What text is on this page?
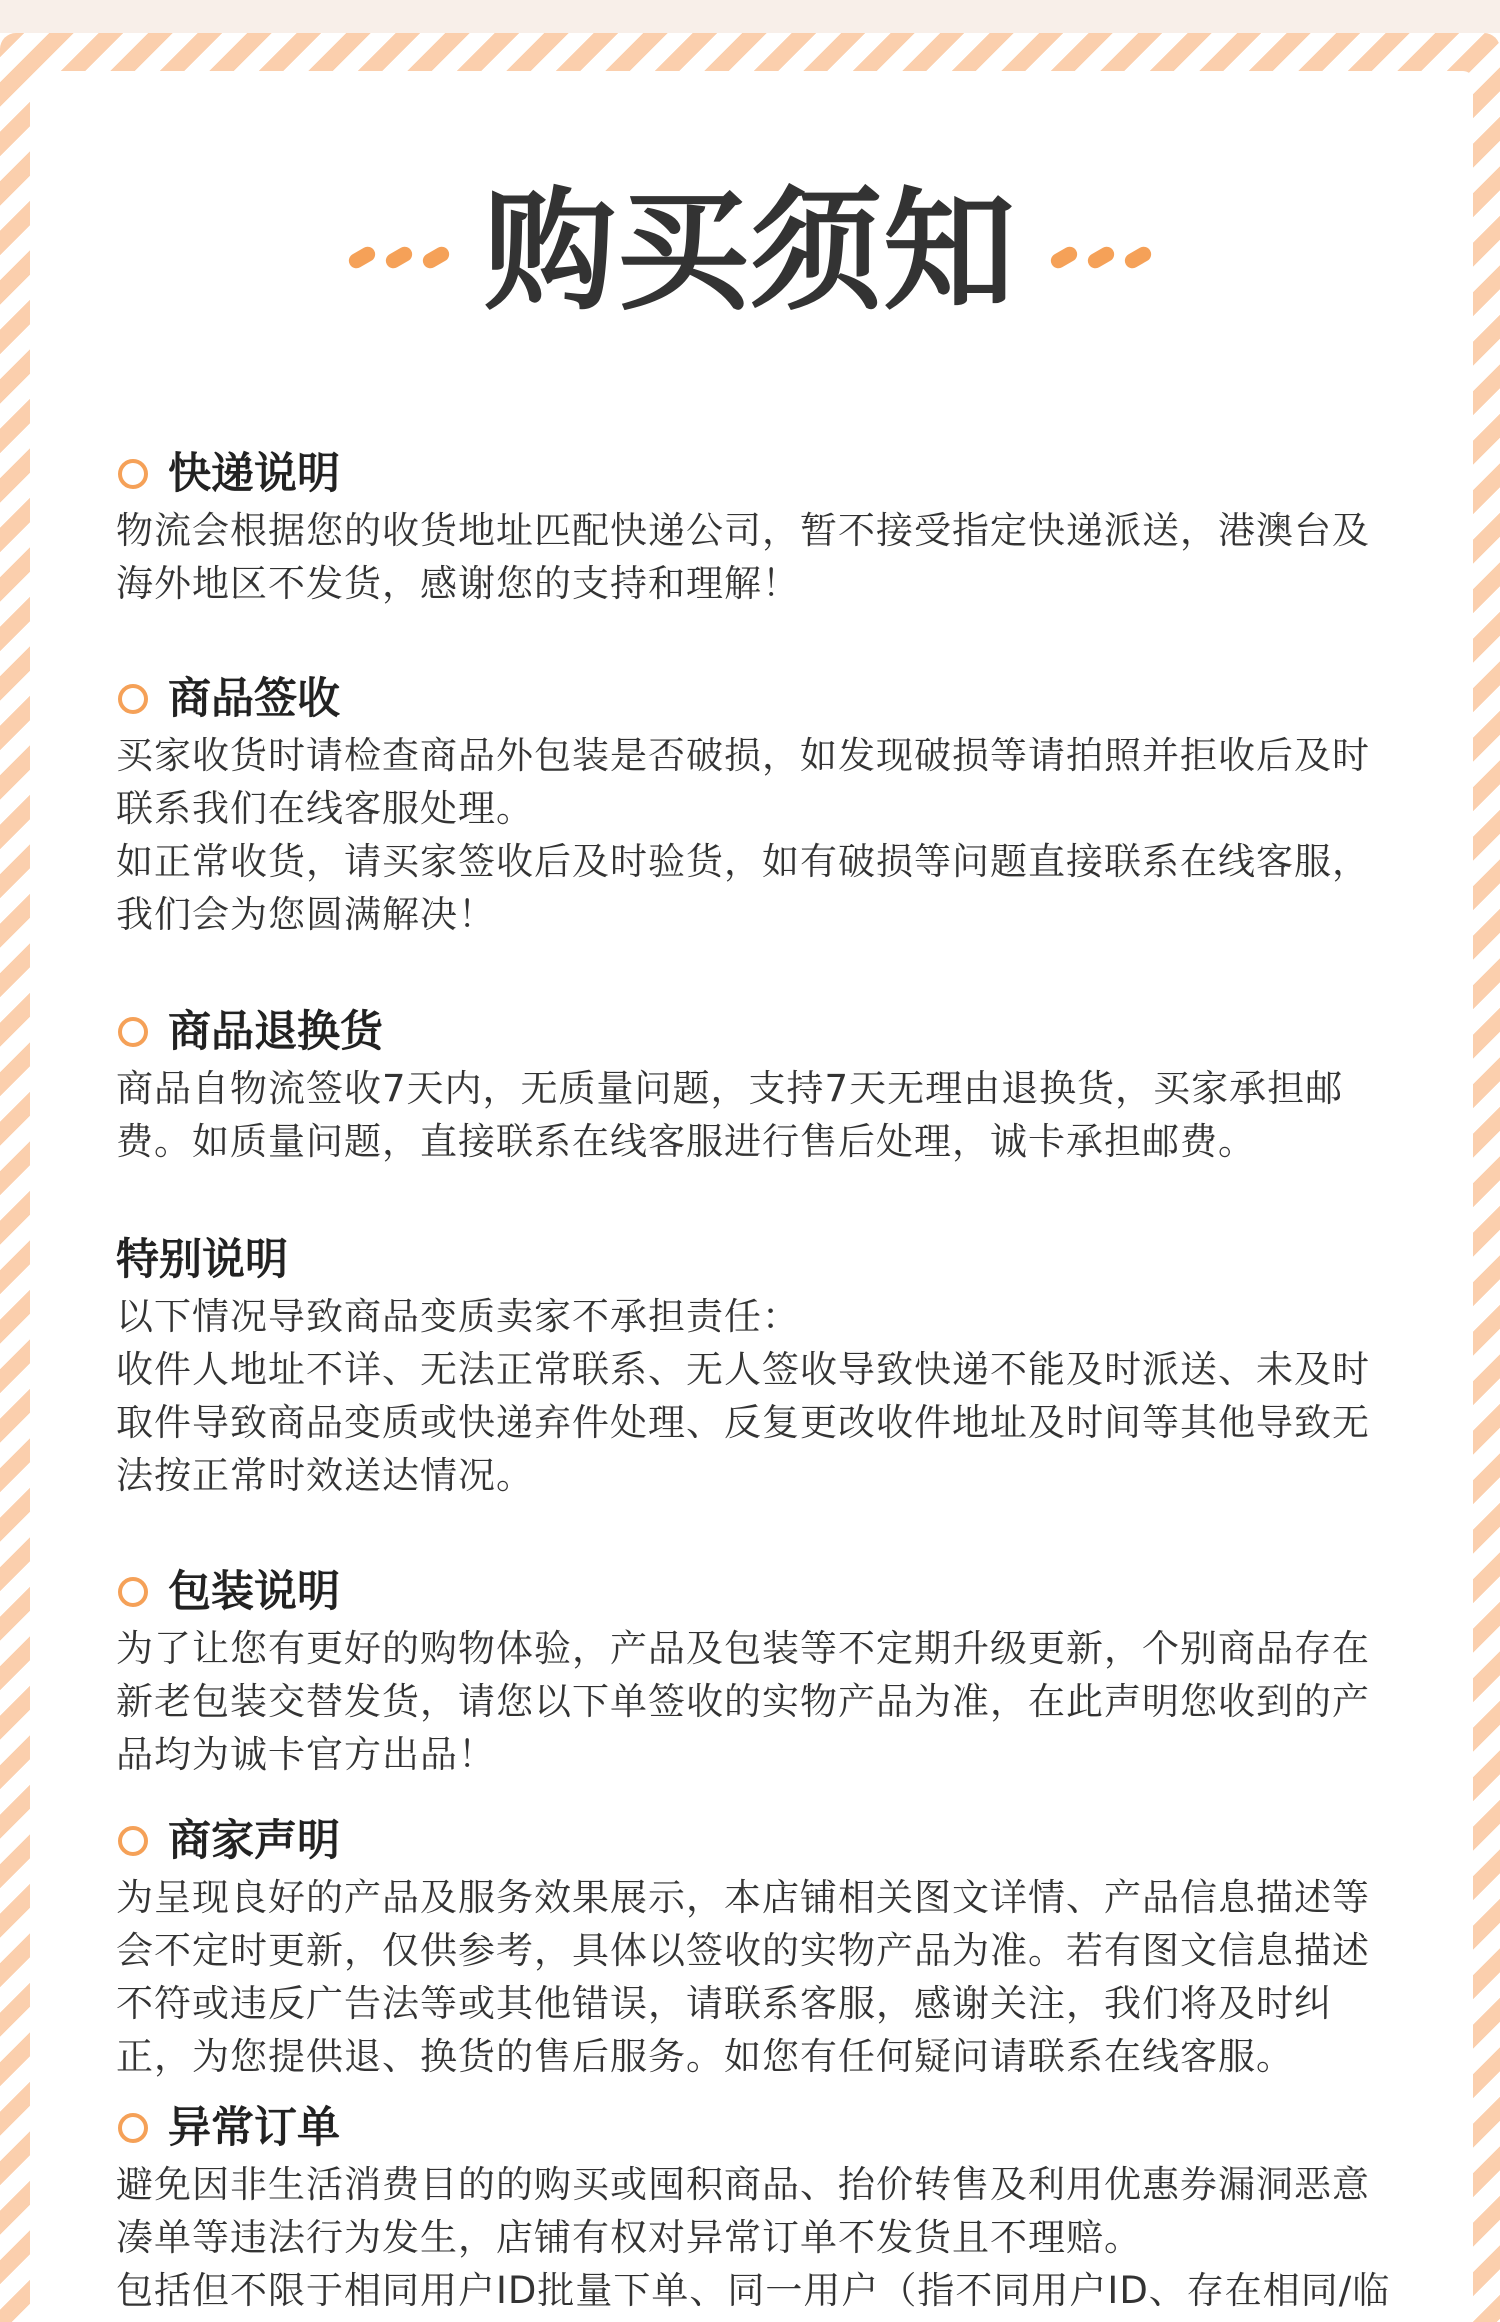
购买须知
快递说明
物流会根据您的收货地址匹配快递公司，暂不接受指定快递派送，港澳台及
海外地区不发货，感谢您的支持和理解！
商品签收
买家收货时请检查商品外包装是否破损，如发现破损等请拍照并拒收后及时
联系我们在线客服处理。
如正常收货，请买家签收后及时验货，如有破损等问题直接联系在线客服，
我们会为您圆满解决！
商品退换货
商品自物流签收7天内，无质量问题，支持7天无理由退换货，买家承担邮
费。如质量问题，直接联系在线客服进行售后处理，诚卡承担邮费。
特别说明
以下情况导致商品变质卖家不承担责任：
收件人地址不详、无法正常联系、无人签收导致快递不能及时派送、未及时
取件导致商品变质或快递弃件处理、反复更改收件地址及时间等其他导致无
法按正常时效送达情况。
包装说明
为了让您有更好的购物体验，产品及包装等不定期升级更新，个别商品存在
新老包装交替发货，请您以下单签收的实物产品为准，在此声明您收到的产
品均为诚卡官方出品！
商家声明
为呈现良好的产品及服务效果展示，本店铺相关图文详情、产品信息描述等
会不定时更新，仅供参考，具体以签收的实物产品为准。若有图文信息描述
不符或违反广告法等或其他错误，请联系客服，感谢关注，我们将及时纠
正，为您提供退、换货的售后服务。如您有任何疑问请联系在线客服。
异常订单
避免因非生活消费目的的购买或囤积商品、抬价转售及利用优惠券漏洞恶意
凑单等违法行为发生，店铺有权对异常订单不发货且不理赔。
包括但不限于相同用户ID批量下单、同一用户（指不同用户ID、存在相同/临
